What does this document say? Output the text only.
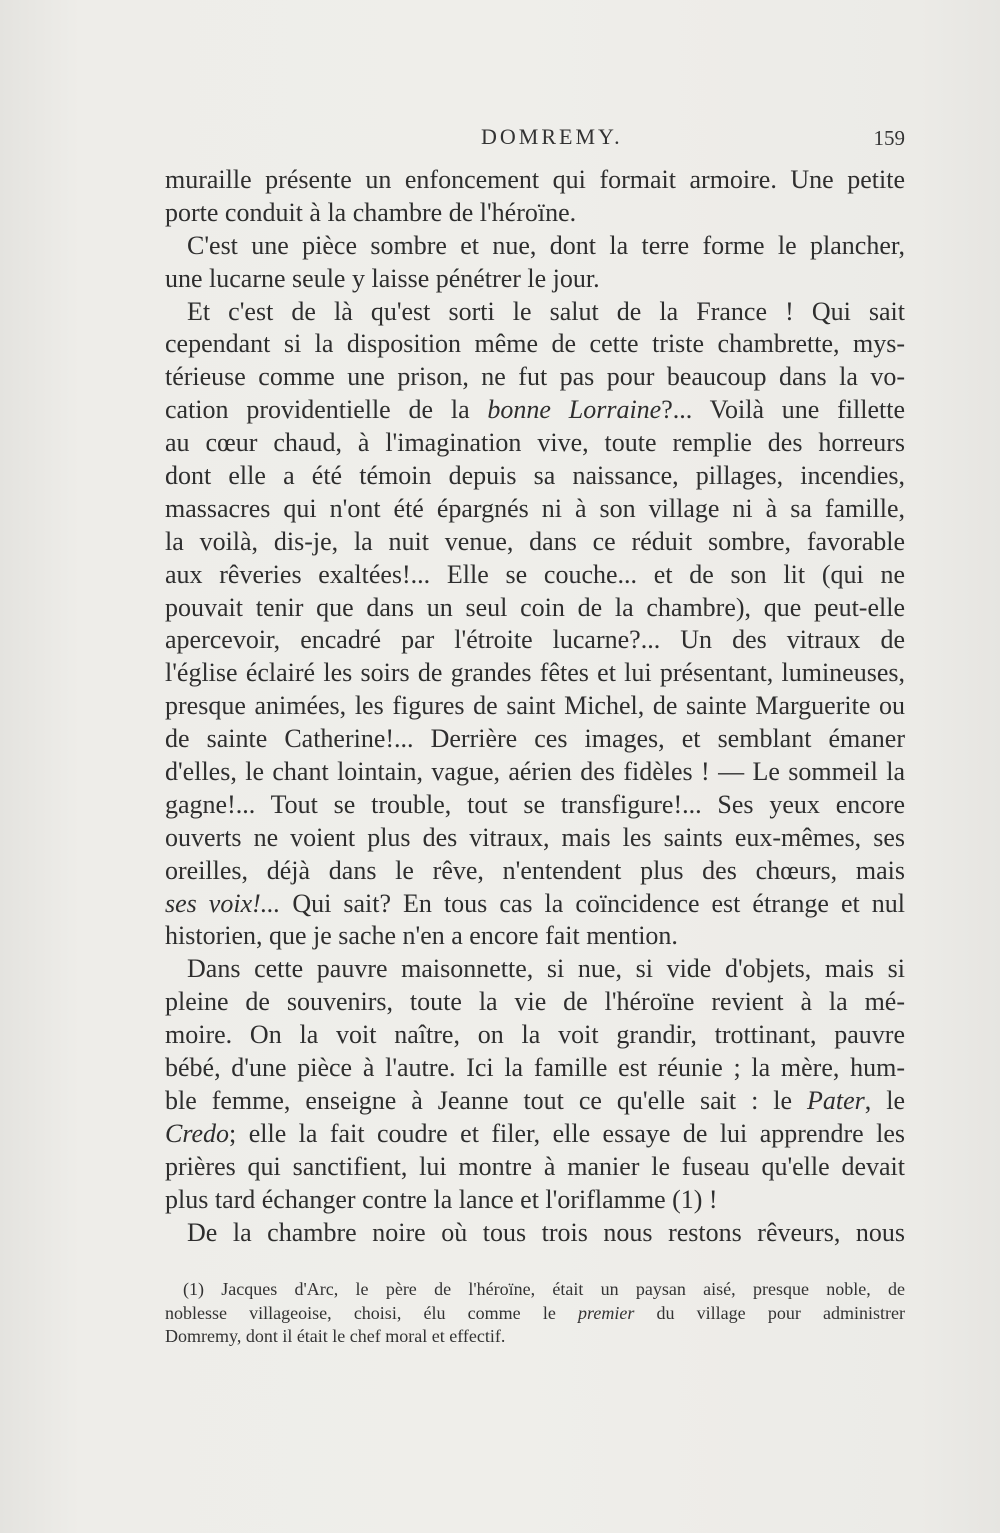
DOMREMY.	159
muraille présente un enfoncement qui formait armoire. Une petite
porte conduit à la chambre de l'héroïne.
C'est une pièce sombre et nue, dont la terre forme le plancher,
une lucarne seule y laisse pénétrer le jour.
Et c'est de là qu'est sorti le salut de la France ! Qui sait
cependant si la disposition même de cette triste chambrette, mys-
térieuse comme une prison, ne fut pas pour beaucoup dans la vo-
cation providentielle de la bonne Lorraine?... Voilà une fillette
au cœur chaud, à l'imagination vive, toute remplie des horreurs
dont elle a été témoin depuis sa naissance, pillages, incendies,
massacres qui n'ont été épargnés ni à son village ni à sa famille,
la voilà, dis-je, la nuit venue, dans ce réduit sombre, favorable
aux rêveries exaltées!... Elle se couche... et de son lit (qui ne
pouvait tenir que dans un seul coin de la chambre), que peut-elle
apercevoir, encadré par l'étroite lucarne?... Un des vitraux de
l'église éclairé les soirs de grandes fêtes et lui présentant, lumineuses,
presque animées, les figures de saint Michel, de sainte Marguerite ou
de sainte Catherine!... Derrière ces images, et semblant émaner
d'elles, le chant lointain, vague, aérien des fidèles ! — Le sommeil la
gagne!... Tout se trouble, tout se transfigure!... Ses yeux encore
ouverts ne voient plus des vitraux, mais les saints eux-mêmes, ses
oreilles, déjà dans le rêve, n'entendent plus des chœurs, mais
ses voix!... Qui sait? En tous cas la coïncidence est étrange et nul
historien, que je sache n'en a encore fait mention.
Dans cette pauvre maisonnette, si nue, si vide d'objets, mais si
pleine de souvenirs, toute la vie de l'héroïne revient à la mé-
moire. On la voit naître, on la voit grandir, trottinant, pauvre
bébé, d'une pièce à l'autre. Ici la famille est réunie ; la mère, hum-
ble femme, enseigne à Jeanne tout ce qu'elle sait : le Pater, le
Credo; elle la fait coudre et filer, elle essaye de lui apprendre les
prières qui sanctifient, lui montre à manier le fuseau qu'elle devait
plus tard échanger contre la lance et l'oriflamme (1) !
De la chambre noire où tous trois nous restons rêveurs, nous
(1) Jacques d'Arc, le père de l'héroïne, était un paysan aisé, presque noble, de
noblesse villageoise, choisi, élu comme le premier du village pour administrer
Domremy, dont il était le chef moral et effectif.
